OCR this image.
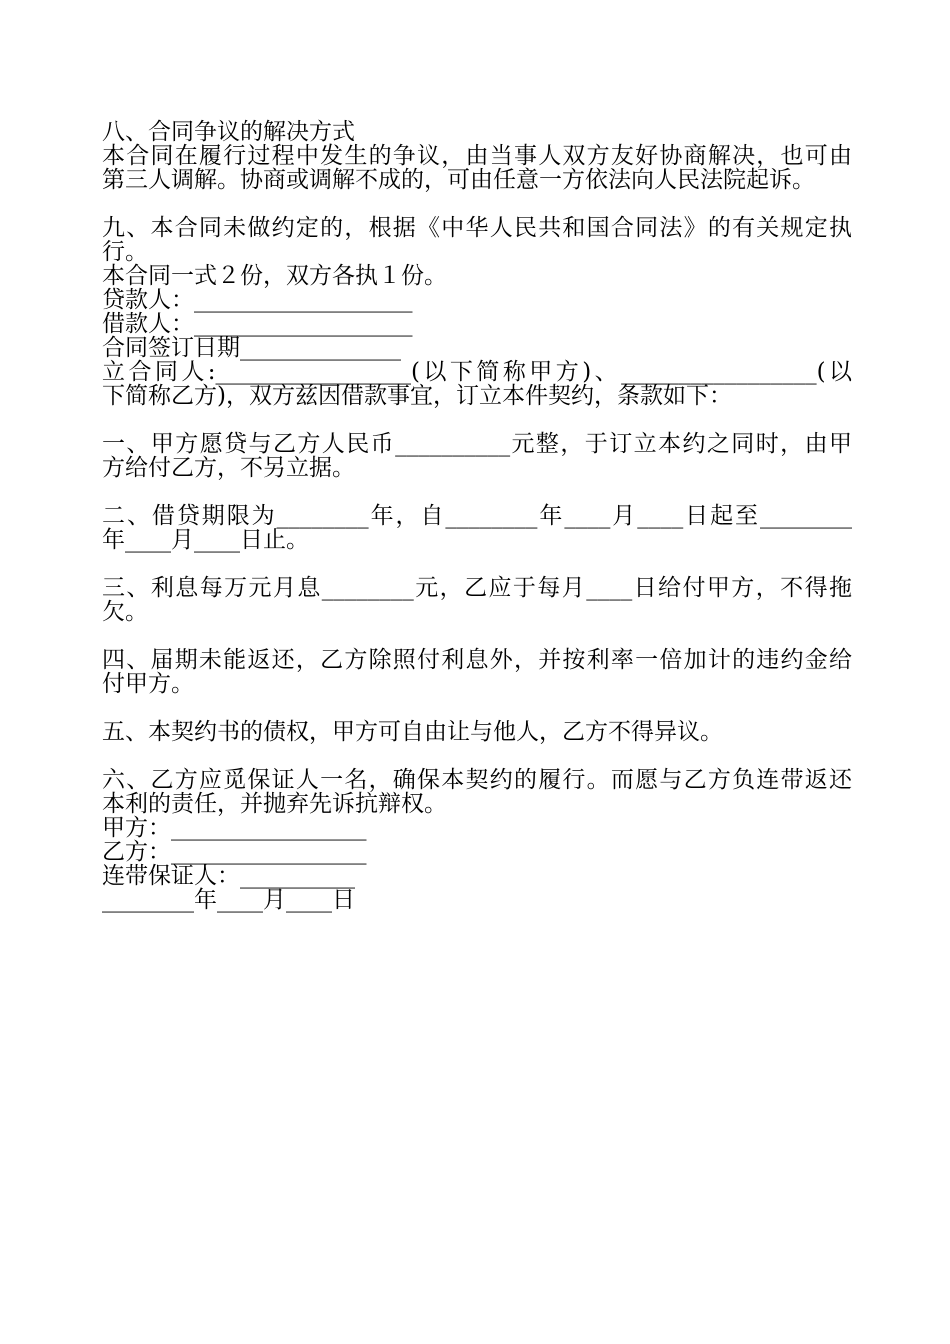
八、合同争议的解决方式
本合同在履行过程中发生的争议，由当事人双方友好协商解决，也可由
第三人调解。协商或调解不成的，可由任意一方依法向人民法院起诉。
九、本合同未做约定的，根据《中华人民共和国合同法》的有关规定执
行。
本合同一式２份，双方各执１份。
贷款人：___________________
借款人：___________________
合同签订日期______________
立合同人:_________________(以下简称甲方)、_________________(以
下简称乙方)，双方兹因借款事宜，订立本件契约，条款如下：
一、甲方愿贷与乙方人民币__________元整，于订立本约之同时，由甲
方给付乙方，不另立据。
二、借贷期限为________年，自________年____月____日起至________
年____月____日止。
三、利息每万元月息________元，乙应于每月____日给付甲方，不得拖
欠。
四、届期未能返还，乙方除照付利息外，并按利率一倍加计的违约金给
付甲方。
五、本契约书的债权，甲方可自由让与他人，乙方不得异议。
六、乙方应觅保证人一名，确保本契约的履行。而愿与乙方负连带返还
本利的责任，并抛弃先诉抗辩权。
甲方：_________________
乙方：_________________
连带保证人：__________
________年____月____日
